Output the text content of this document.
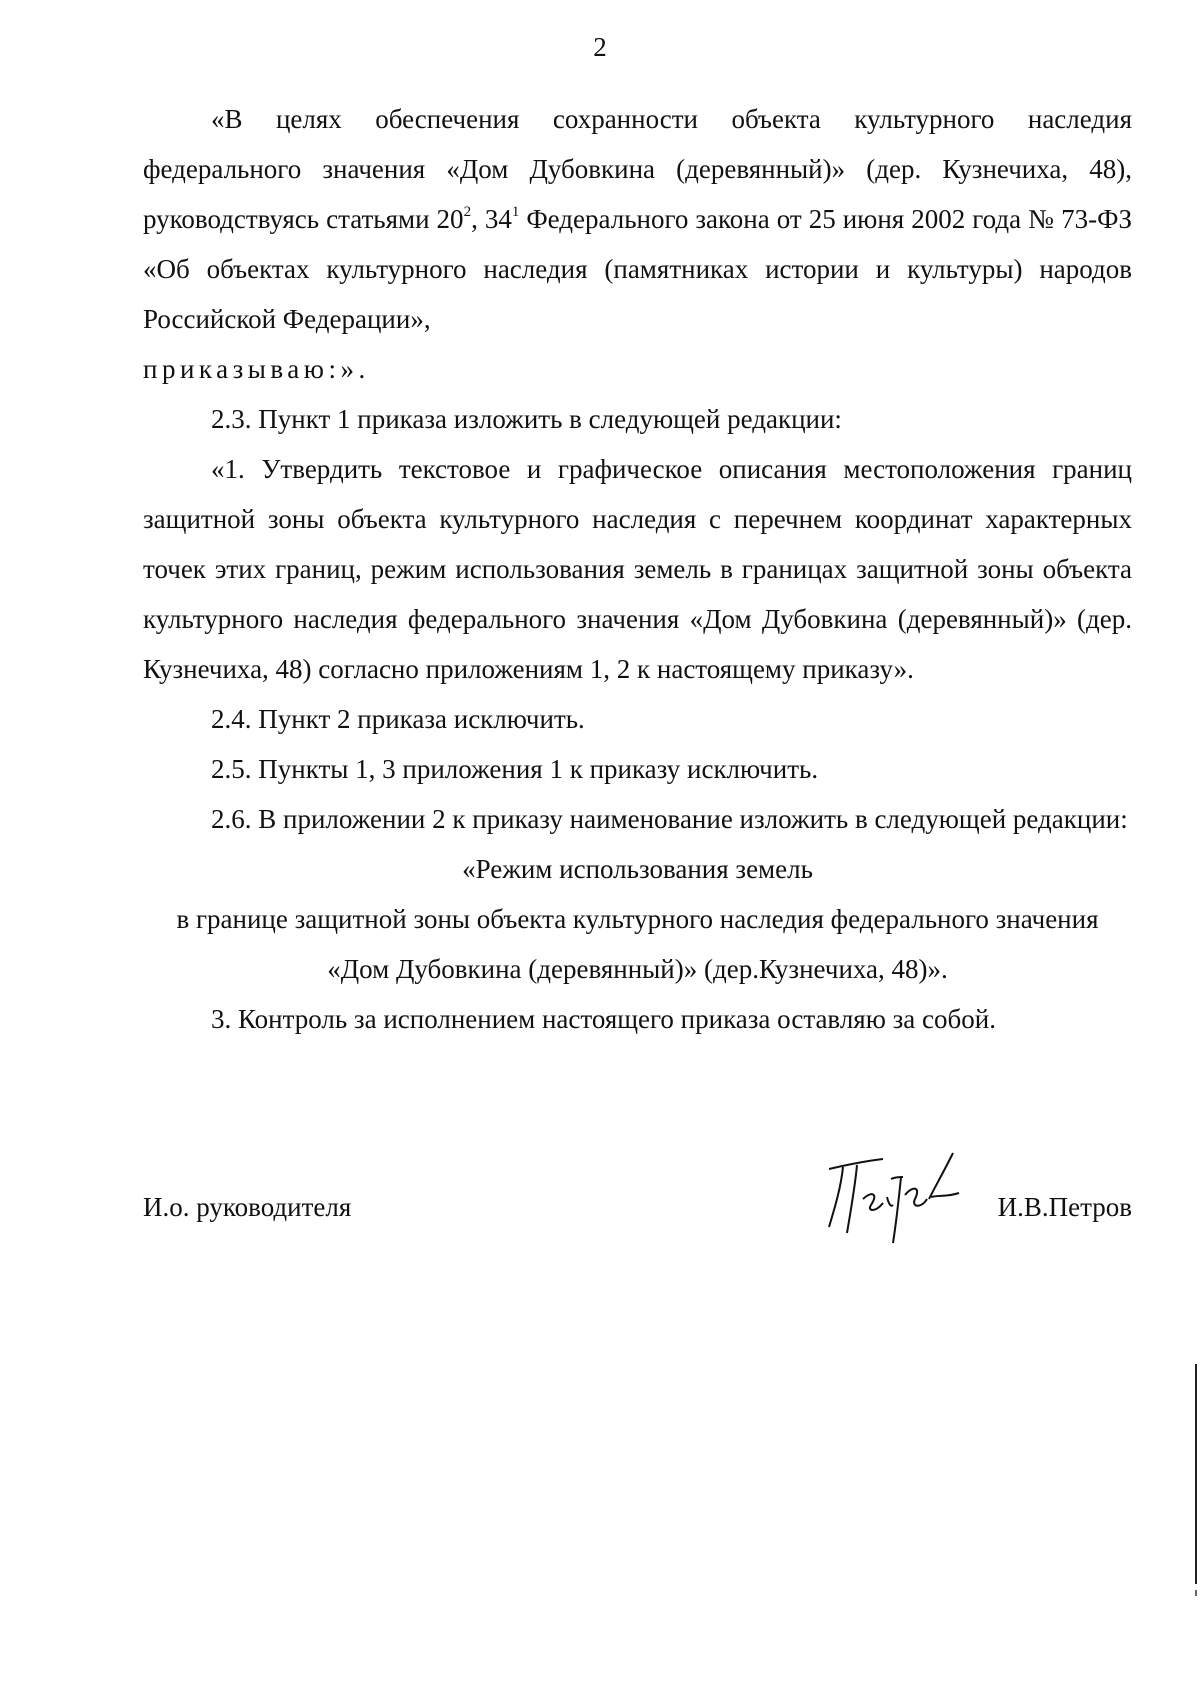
2

«В целях обеспечения сохранности объекта культурного наследия федерального значения «Дом Дубовкина (деревянный)» (дер. Кузнечиха, 48), руководствуясь статьями $20^2$, $34^1$ Федерального закона от 25 июня 2002 года № 73-ФЗ «Об объектах культурного наследия (памятниках истории и культуры) народов Российской Федерации»,

приказываю:».

2.3. Пункт 1 приказа изложить в следующей редакции:

«1. Утвердить текстовое и графическое описания местоположения границ защитной зоны объекта культурного наследия с перечнем координат характерных точек этих границ, режим использования земель в границах защитной зоны объекта культурного наследия федерального значения «Дом Дубовкина (деревянный)» (дер. Кузнечиха, 48) согласно приложениям 1, 2 к настоящему приказу».

2.4. Пункт 2 приказа исключить.

2.5. Пункты 1, 3 приложения 1 к приказу исключить.

2.6. В приложении 2 к приказу наименование изложить в следующей редакции:

«Режим использования земель
в границе защитной зоны объекта культурного наследия федерального значения
«Дом Дубовкина (деревянный)» (дер.Кузнечиха, 48)».

3. Контроль за исполнением настоящего приказа оставляю за собой.

И.о. руководителя	И.В.Петров
